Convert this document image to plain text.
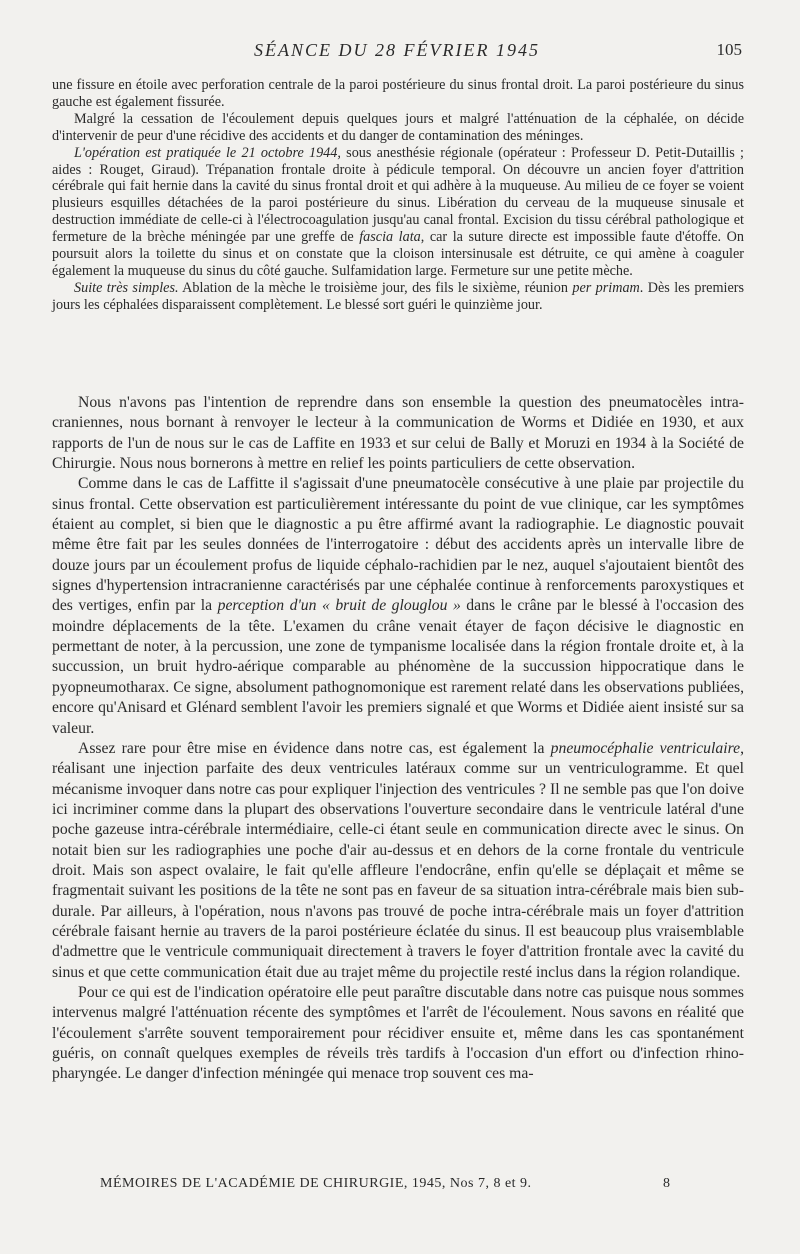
SÉANCE DU 28 FÉVRIER 1945	105

une fissure en étoile avec perforation centrale de la paroi postérieure du sinus frontal droit. La paroi postérieure du sinus gauche est également fissurée.

Malgré la cessation de l'écoulement depuis quelques jours et malgré l'atténuation de la céphalée, on décide d'intervenir de peur d'une récidive des accidents et du danger de contamination des méninges.

L'opération est pratiquée le 21 octobre 1944, sous anesthésie régionale (opérateur : Professeur D. Petit-Dutaillis ; aides : Rouget, Giraud). Trépanation frontale droite à pédicule temporal. On découvre un ancien foyer d'attrition cérébrale qui fait hernie dans la cavité du sinus frontal droit et qui adhère à la muqueuse. Au milieu de ce foyer se voient plusieurs esquilles détachées de la paroi postérieure du sinus. Libération du cerveau de la muqueuse sinusale et destruction immédiate de celle-ci à l'électrocoagulation jusqu'au canal frontal. Excision du tissu cérébral pathologique et fermeture de la brèche méningée par une greffe de fascia lata, car la suture directe est impossible faute d'étoffe. On poursuit alors la toilette du sinus et on constate que la cloison intersinusale est détruite, ce qui amène à coaguler également la muqueuse du sinus du côté gauche. Sulfamidation large. Fermeture sur une petite mèche.

Suite très simples. Ablation de la mèche le troisième jour, des fils le sixième, réunion per primam. Dès les premiers jours les céphalées disparaissent complètement. Le blessé sort guéri le quinzième jour.

Nous n'avons pas l'intention de reprendre dans son ensemble la question des pneumatocèles intra-craniennes, nous bornant à renvoyer le lecteur à la communication de Worms et Didiée en 1930, et aux rapports de l'un de nous sur le cas de Laffite en 1933 et sur celui de Bally et Moruzi en 1934 à la Société de Chirurgie. Nous nous bornerons à mettre en relief les points particuliers de cette observation.

Comme dans le cas de Laffitte il s'agissait d'une pneumatocèle consécutive à une plaie par projectile du sinus frontal. Cette observation est particulièrement intéressante du point de vue clinique, car les symptômes étaient au complet, si bien que le diagnostic a pu être affirmé avant la radiographie. Le diagnostic pouvait même être fait par les seules données de l'interrogatoire : début des accidents après un intervalle libre de douze jours par un écoulement profus de liquide céphalo-rachidien par le nez, auquel s'ajoutaient bientôt des signes d'hypertension intracranienne caractérisés par une céphalée continue à renforcements paroxystiques et des vertiges, enfin par la perception d'un « bruit de glouglou » dans le crâne par le blessé à l'occasion des moindre déplacements de la tête. L'examen du crâne venait étayer de façon décisive le diagnostic en permettant de noter, à la percussion, une zone de tympanisme localisée dans la région frontale droite et, à la succussion, un bruit hydro-aérique comparable au phénomène de la succussion hippocratique dans le pyopneumotharax. Ce signe, absolument pathognomonique est rarement relaté dans les observations publiées, encore qu'Anisard et Glénard semblent l'avoir les premiers signalé et que Worms et Didiée aient insisté sur sa valeur.

Assez rare pour être mise en évidence dans notre cas, est également la pneumocéphalie ventriculaire, réalisant une injection parfaite des deux ventricules latéraux comme sur un ventriculogramme. Et quel mécanisme invoquer dans notre cas pour expliquer l'injection des ventricules ? Il ne semble pas que l'on doive ici incriminer comme dans la plupart des observations l'ouverture secondaire dans le ventricule latéral d'une poche gazeuse intra-cérébrale intermédiaire, celle-ci étant seule en communication directe avec le sinus. On notait bien sur les radiographies une poche d'air au-dessus et en dehors de la corne frontale du ventricule droit. Mais son aspect ovalaire, le fait qu'elle affleure l'endocrâne, enfin qu'elle se déplaçait et même se fragmentait suivant les positions de la tête ne sont pas en faveur de sa situation intra-cérébrale mais bien sub-durale. Par ailleurs, à l'opération, nous n'avons pas trouvé de poche intra-cérébrale mais un foyer d'attrition cérébrale faisant hernie au travers de la paroi postérieure éclatée du sinus. Il est beaucoup plus vraisemblable d'admettre que le ventricule communiquait directement à travers le foyer d'attrition frontale avec la cavité du sinus et que cette communication était due au trajet même du projectile resté inclus dans la région rolandique.

Pour ce qui est de l'indication opératoire elle peut paraître discutable dans notre cas puisque nous sommes intervenus malgré l'atténuation récente des symptômes et l'arrêt de l'écoulement. Nous savons en réalité que l'écoulement s'arrête souvent temporairement pour récidiver ensuite et, même dans les cas spontanément guéris, on connaît quelques exemples de réveils très tardifs à l'occasion d'un effort ou d'infection rhino-pharyngée. Le danger d'infection méningée qui menace trop souvent ces ma-

MÉMOIRES DE L'ACADÉMIE DE CHIRURGIE, 1945, Nos 7, 8 et 9.	8
